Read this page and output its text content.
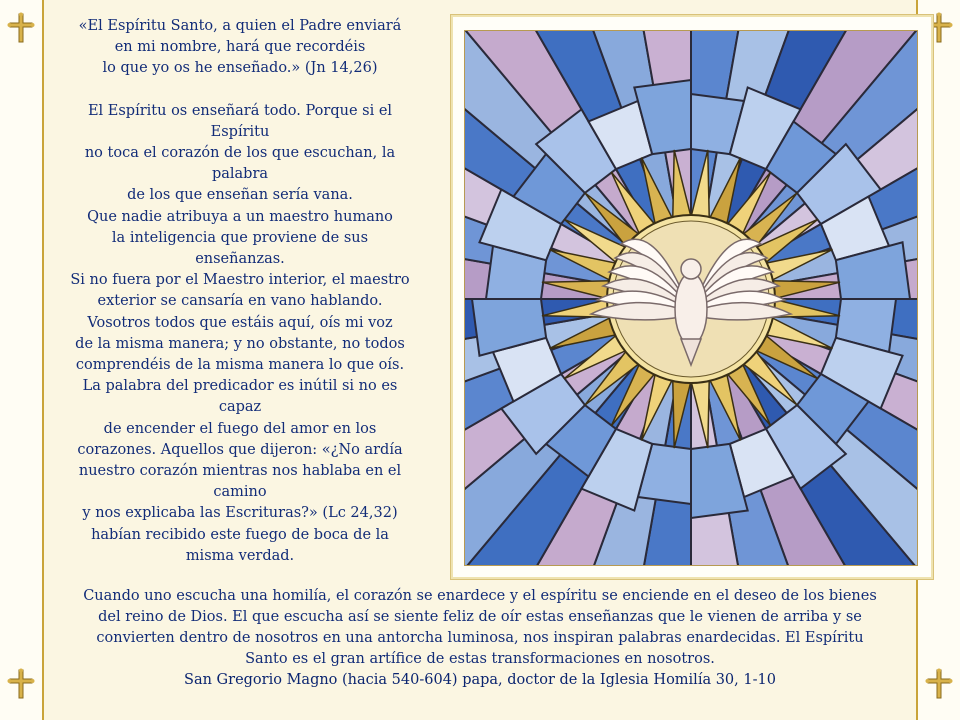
«El Espíritu Santo, a quien el Padre enviará
en mi nombre, hará que recordéis
lo que yo os he enseñado.» (Jn 14,26)
El Espíritu os enseñará todo. Porque si el
Espíritu
no toca el corazón de los que escuchan, la
palabra
de los que enseñan sería vana.
Que nadie atribuya a un maestro humano
la inteligencia que proviene de sus
enseñanzas.
Si no fuera por el Maestro interior, el maestro
exterior se cansaría en vano hablando.
Vosotros todos que estáis aquí, oís mi voz
de la misma manera; y no obstante, no todos
comprendéis de la misma manera lo que oís.
La palabra del predicador es inútil si no es
capaz
de encender el fuego del amor en los
corazones. Aquellos que dijeron: «¿No ardía
nuestro corazón mientras nos hablaba en el
camino
y nos explicaba las Escrituras?» (Lc 24,32)
habían recibido este fuego de boca de la
misma verdad.
Cuando uno escucha una homilía, el corazón se enardece y el espíritu se enciende en el deseo de los bienes
del reino de Dios. El que escucha así se siente feliz de oír estas enseñanzas que le vienen de arriba y se
convierten dentro de nosotros en una antorcha luminosa, nos inspiran palabras enardecidas. El Espíritu
Santo es el gran artífice de estas transformaciones en nosotros.
San Gregorio Magno (hacia 540-604) papa, doctor de la Iglesia Homilía 30, 1-10
